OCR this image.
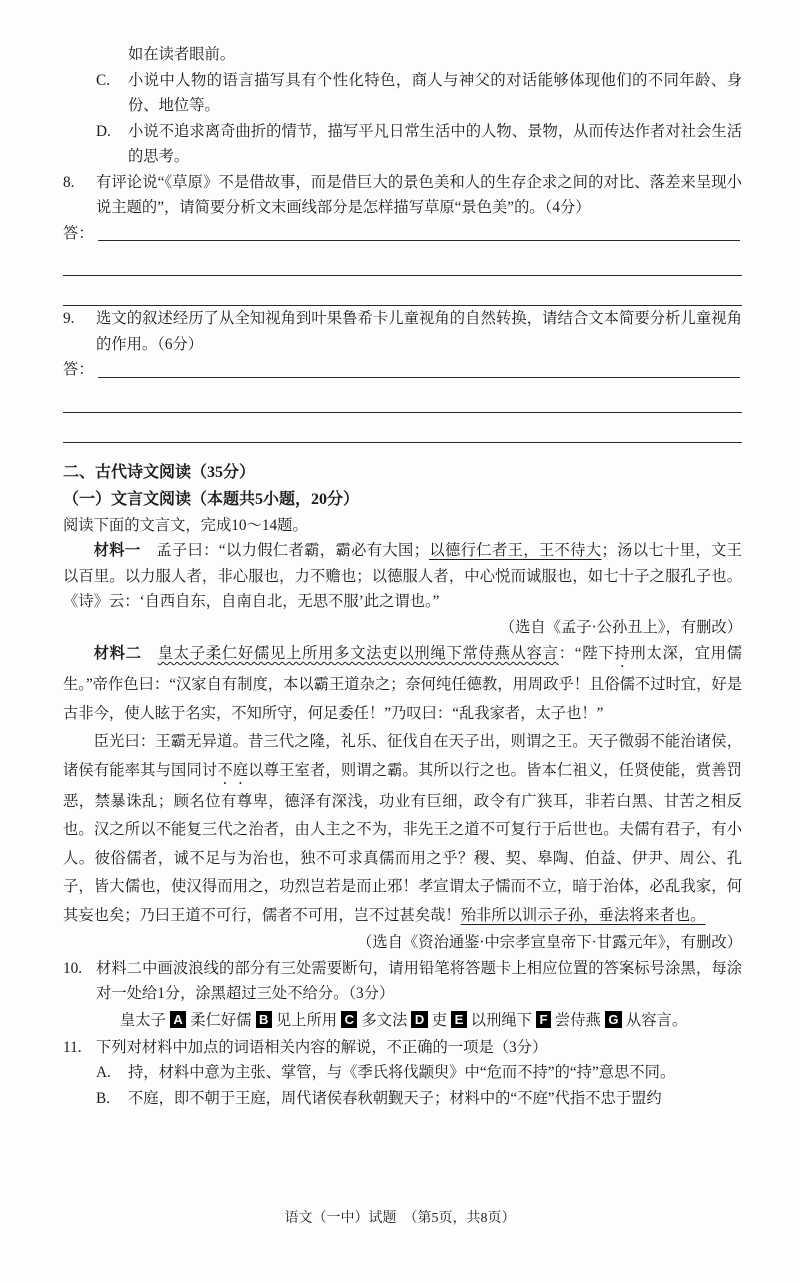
如在读者眼前。
C.	小说中人物的语言描写具有个性化特色，商人与神父的对话能够体现他们的不同年龄、身份、地位等。
D.	小说不追求离奇曲折的情节，描写平凡日常生活中的人物、景物，从而传达作者对社会生活的思考。
8.	有评论说“《草原》不是借故事，而是借巨大的景色美和人的生存企求之间的对比、落差来呈现小说主题的”，请简要分析文末画线部分是怎样描写草原“景色美”的。（4分）
答：
9.	选文的叙述经历了从全知视角到叶果鲁希卡儿童视角的自然转换，请结合文本简要分析儿童视角的作用。（6分）
答：
二、古代诗文阅读（35分）
（一）文言文阅读（本题共5小题，20分）
阅读下面的文言文，完成10～14题。
材料一　孟子曰：“以力假仁者霸，霸必有大国；以德行仁者王，王不待大；汤以七十里，文王以百里。以力服人者，非心服也，力不赡也；以德服人者，中心悦而诚服也，如七十子之服孔子也。《诗》云：‘自西自东，自南自北，无思不服’此之谓也。”
（选自《孟子·公孙丑上》，有删改）
材料二　皇太子柔仁好儒见上所用多文法吏以刑绳下常侍燕从容言：“陛下持刑太深，宜用儒生。”帝作色曰：“汉家自有制度，本以霸王道杂之；奈何纯任德教，用周政乎！且俗儒不过时宜，好是古非今，使人眩于名实，不知所守，何足委任！”乃叹曰：“乱我家者，太子也！”
臣光曰：王霸无异道。昔三代之隆，礼乐、征伐自在天子出，则谓之王。天子微弱不能治诸侯，诸侯有能率其与国同讨不庭以尊王室者，则谓之霸。其所以行之也。皆本仁祖义，任贤使能，赏善罚恶，禁暴诛乱；顾名位有尊卑，德泽有深浅，功业有巨细，政令有广狭耳，非若白黑、甘苦之相反也。汉之所以不能复三代之治者，由人主之不为，非先王之道不可复行于后世也。夫儒有君子，有小人。彼俗儒者，诚不足与为治也，独不可求真儒而用之乎？稷、契、皋陶、伯益、伊尹、周公、孔子，皆大儒也，使汉得而用之，功烈岂若是而止邪！孝宣谓太子懦而不立，暗于治体，必乱我家，何其妄也矣；乃曰王道不可行，儒者不可用，岂不过甚矣哉！殆非所以训示子孙，垂法将来者也。
（选自《资治通鉴·中宗孝宣皇帝下·甘露元年》，有删改）
10. 材料二中画波浪线的部分有三处需要断句，请用铅笔将答题卡上相应位置的答案标号涂黑，每涂对一处给1分，涂黑超过三处不给分。（3分）
皇太子 A 柔仁好儒 B 见上所用 C 多文法 D 吏 E 以刑绳下 F 尝侍燕 G 从容言。
11. 下列对材料中加点的词语相关内容的解说，不正确的一项是（3分）
A.	持，材料中意为主张、掌管，与《季氏将伐颛臾》中“危而不持”的“持”意思不同。
B.	不庭，即不朝于王庭，周代诸侯春秋朝觐天子；材料中的“不庭”代指不忠于盟约
语文（一中）试题　（第5页，共8页）
